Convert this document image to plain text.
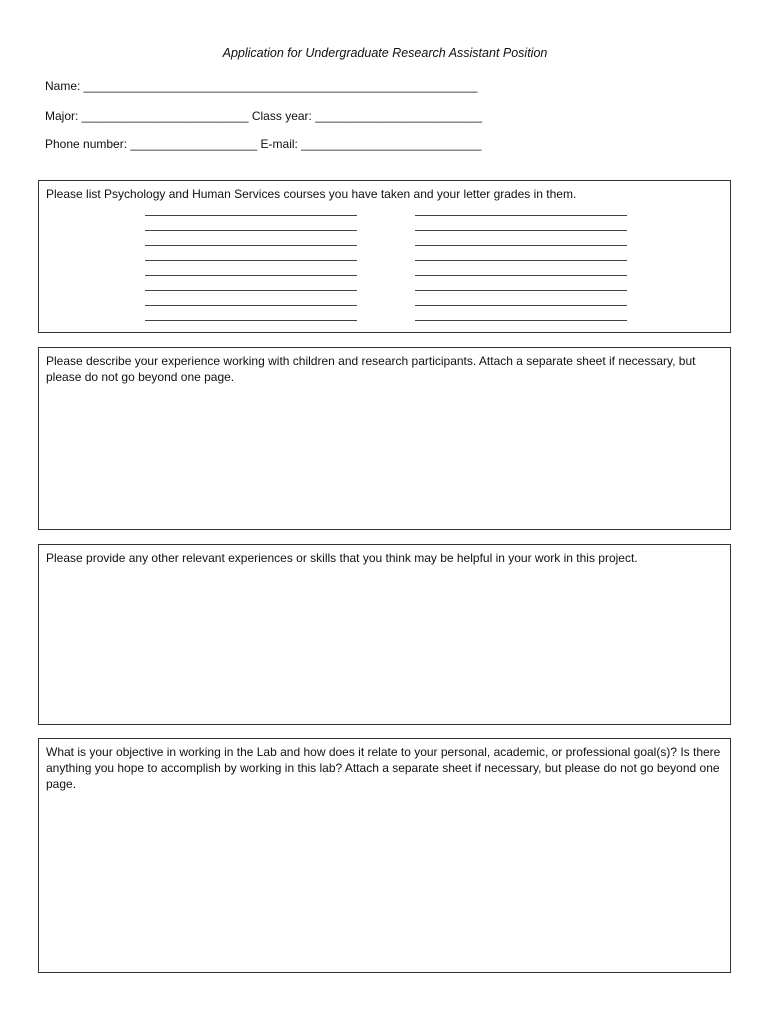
Application for Undergraduate Research Assistant Position
Name: ___________________________________________________________
Major: _________________________ Class year: _________________________
Phone number: ___________________ E-mail: ___________________________
Please list Psychology and Human Services courses you have taken and your letter grades in them.
Please describe your experience working with children and research participants. Attach a separate sheet if necessary, but please do not go beyond one page.
Please provide any other relevant experiences or skills that you think may be helpful in your work in this project.
What is your objective in working in the Lab and how does it relate to your personal, academic, or professional goal(s)? Is there anything you hope to accomplish by working in this lab? Attach a separate sheet if necessary, but please do not go beyond one page.
